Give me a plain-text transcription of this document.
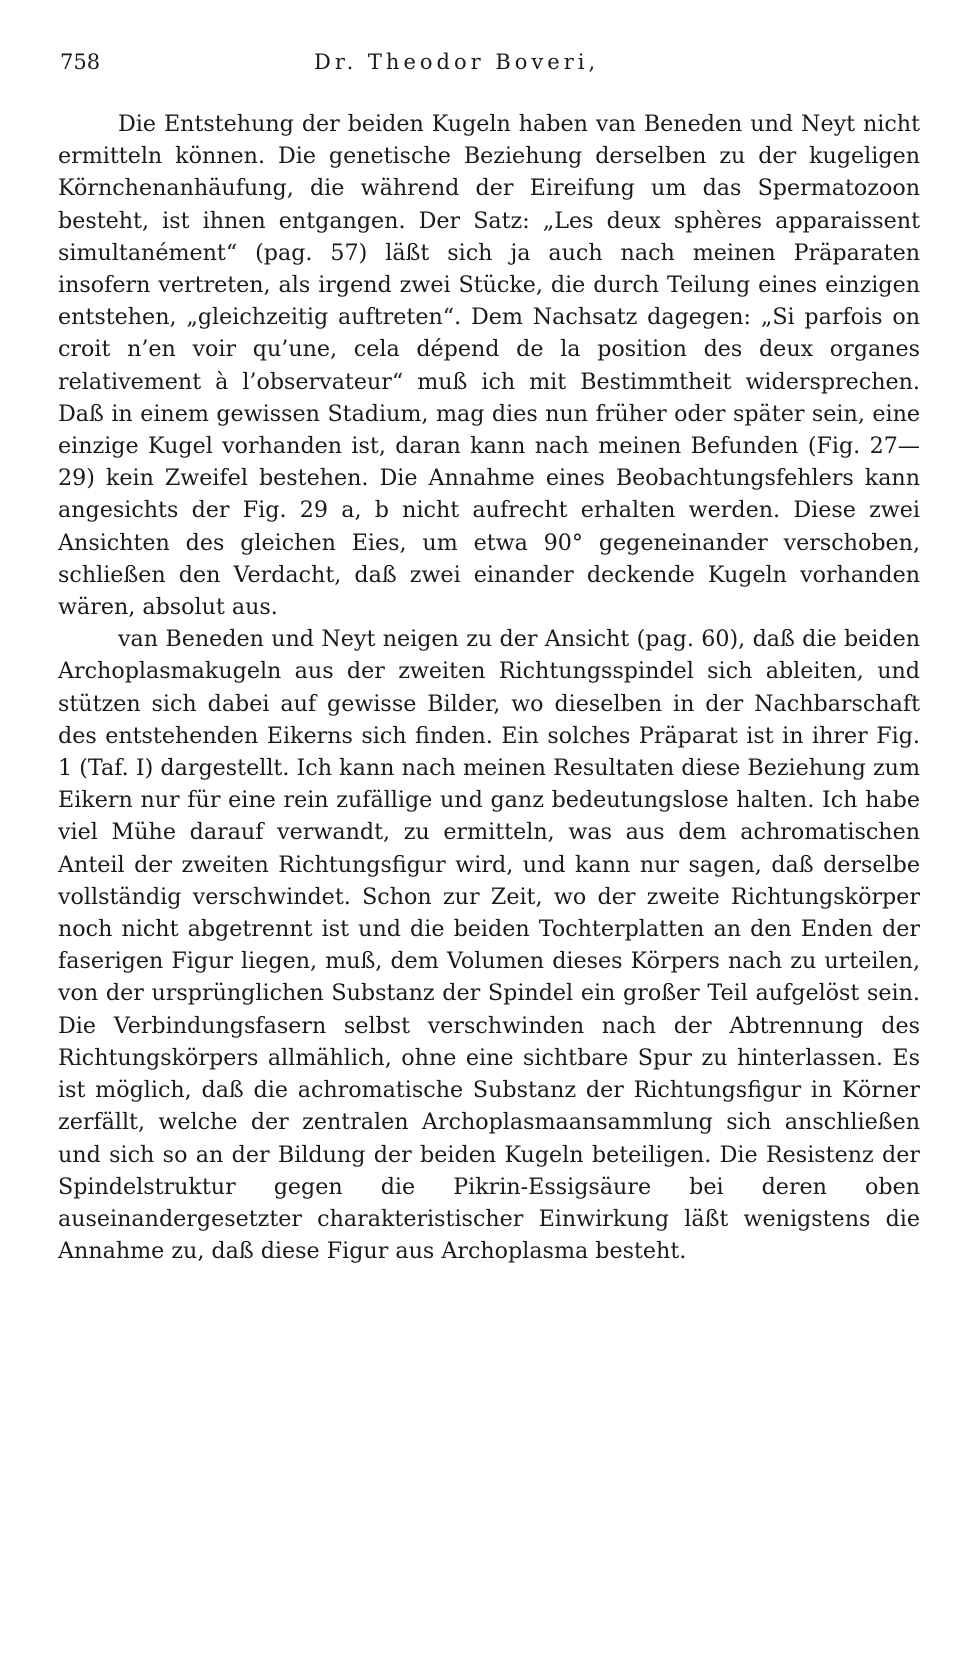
758	Dr. Theodor Boveri,

Die Entstehung der beiden Kugeln haben van Beneden und Neyt nicht ermitteln können. Die genetische Beziehung derselben zu der kugeligen Körnchenanhäufung, die während der Eireifung um das Spermatozoon besteht, ist ihnen entgangen. Der Satz: „Les deux sphères apparaissent simultanément“ (pag. 57) läßt sich ja auch nach meinen Präparaten insofern vertreten, als irgend zwei Stücke, die durch Teilung eines einzigen entstehen, „gleichzeitig auftreten“. Dem Nachsatz dagegen: „Si parfois on croit n’en voir qu’une, cela dépend de la position des deux organes relativement à l’observateur“ muß ich mit Bestimmtheit widersprechen. Daß in einem gewissen Stadium, mag dies nun früher oder später sein, eine einzige Kugel vorhanden ist, daran kann nach meinen Befunden (Fig. 27—29) kein Zweifel bestehen. Die Annahme eines Beobachtungsfehlers kann angesichts der Fig. 29 a, b nicht aufrecht erhalten werden. Diese zwei Ansichten des gleichen Eies, um etwa 90° gegeneinander verschoben, schließen den Verdacht, daß zwei einander deckende Kugeln vorhanden wären, absolut aus.

van Beneden und Neyt neigen zu der Ansicht (pag. 60), daß die beiden Archoplasmakugeln aus der zweiten Richtungsspindel sich ableiten, und stützen sich dabei auf gewisse Bilder, wo dieselben in der Nachbarschaft des entstehenden Eikerns sich finden. Ein solches Präparat ist in ihrer Fig. 1 (Taf. I) dargestellt. Ich kann nach meinen Resultaten diese Beziehung zum Eikern nur für eine rein zufällige und ganz bedeutungslose halten. Ich habe viel Mühe darauf verwandt, zu ermitteln, was aus dem achromatischen Anteil der zweiten Richtungsfigur wird, und kann nur sagen, daß derselbe vollständig verschwindet. Schon zur Zeit, wo der zweite Richtungskörper noch nicht abgetrennt ist und die beiden Tochterplatten an den Enden der faserigen Figur liegen, muß, dem Volumen dieses Körpers nach zu urteilen, von der ursprünglichen Substanz der Spindel ein großer Teil aufgelöst sein. Die Verbindungsfasern selbst verschwinden nach der Abtrennung des Richtungskörpers allmählich, ohne eine sichtbare Spur zu hinterlassen. Es ist möglich, daß die achromatische Substanz der Richtungsfigur in Körner zerfällt, welche der zentralen Archoplasmaansammlung sich anschließen und sich so an der Bildung der beiden Kugeln beteiligen. Die Resistenz der Spindelstruktur gegen die Pikrin-Essigsäure bei deren oben auseinandergesetzter charakteristischer Einwirkung läßt wenigstens die Annahme zu, daß diese Figur aus Archoplasma besteht.
